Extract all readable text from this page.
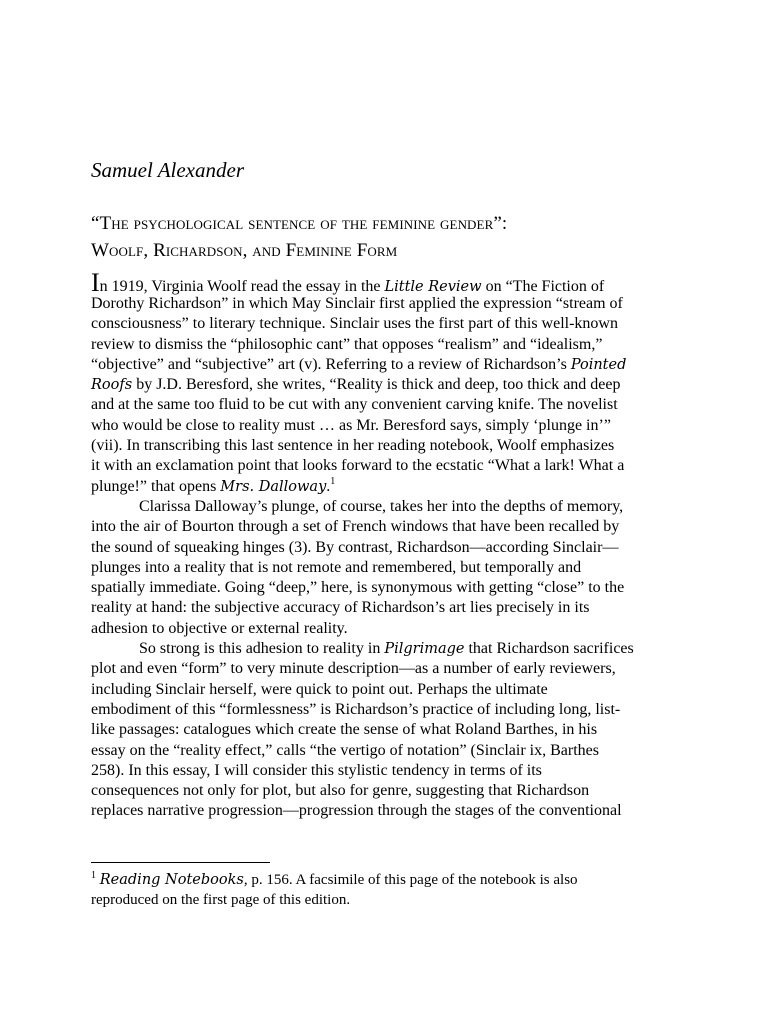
Samuel Alexander
“The psychological sentence of the feminine gender”:
Woolf, Richardson, and Feminine Form
In 1919, Virginia Woolf read the essay in the Little Review on “The Fiction of
Dorothy Richardson” in which May Sinclair first applied the expression “stream of
consciousness” to literary technique. Sinclair uses the first part of this well-known
review to dismiss the “philosophic cant” that opposes “realism” and “idealism,”
“objective” and “subjective” art (v). Referring to a review of Richardson’s Pointed
Roofs by J.D. Beresford, she writes, “Reality is thick and deep, too thick and deep
and at the same too fluid to be cut with any convenient carving knife. The novelist
who would be close to reality must … as Mr. Beresford says, simply ‘plunge in’”
(vii). In transcribing this last sentence in her reading notebook, Woolf emphasizes
it with an exclamation point that looks forward to the ecstatic “What a lark! What a
plunge!” that opens Mrs. Dalloway.$^1$
Clarissa Dalloway’s plunge, of course, takes her into the depths of memory,
into the air of Bourton through a set of French windows that have been recalled by
the sound of squeaking hinges (3). By contrast, Richardson—according Sinclair—
plunges into a reality that is not remote and remembered, but temporally and
spatially immediate. Going “deep,” here, is synonymous with getting “close” to the
reality at hand: the subjective accuracy of Richardson’s art lies precisely in its
adhesion to objective or external reality.
So strong is this adhesion to reality in Pilgrimage that Richardson sacrifices
plot and even “form” to very minute description—as a number of early reviewers,
including Sinclair herself, were quick to point out. Perhaps the ultimate
embodiment of this “formlessness” is Richardson’s practice of including long, list-
like passages: catalogues which create the sense of what Roland Barthes, in his
essay on the “reality effect,” calls “the vertigo of notation” (Sinclair ix, Barthes
258). In this essay, I will consider this stylistic tendency in terms of its
consequences not only for plot, but also for genre, suggesting that Richardson
replaces narrative progression—progression through the stages of the conventional
$^1$ Reading Notebooks, p. 156. A facsimile of this page of the notebook is also
reproduced on the first page of this edition.
